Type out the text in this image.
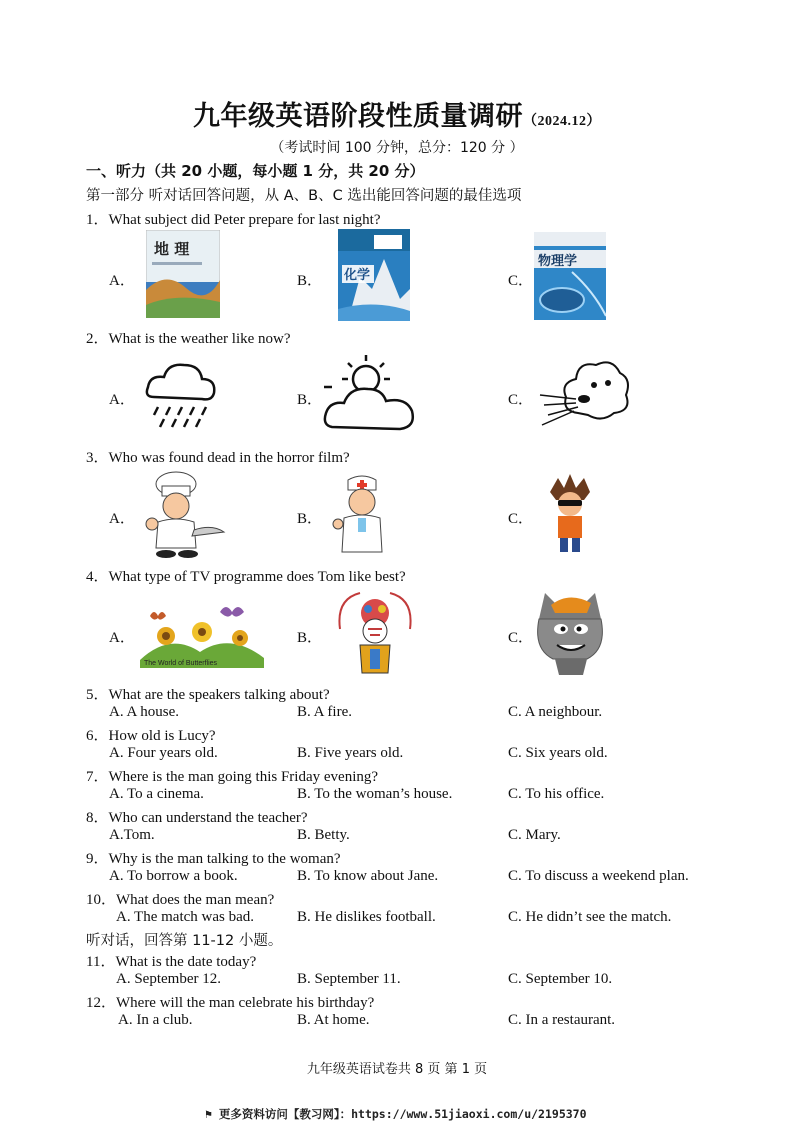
九年级英语阶段性质量调研（2024.12）
（考试时间 100 分钟，总分：120 分 ）
一、听力（共 20 小题，每小题 1 分，共 20 分）
第一部分 听对话回答问题，从 A、B、C 选出能回答问题的最佳选项
1．What subject did Peter prepare for last night?
A．	B．	C．
地 理
化学
物理学
2．What is the weather like now?
A．	B．	C．
3．Who was found dead in the horror film?
A．	B．	C．
4．What type of TV programme does Tom like best?
A．	B．	C．
The World of Butterflies
5．What are the speakers talking about?
A. A house.	B. A fire.	C. A neighbour.
6．How old is Lucy?
A. Four years old.	B. Five years old.	C. Six years old.
7．Where is the man going this Friday evening?
A. To a cinema.	B. To the woman’s house.	C. To his office.
8．Who can understand the teacher?
A.Tom.	B. Betty.	C. Mary.
9．Why is the man talking to the woman?
A. To borrow a book.	B. To know about Jane.	C. To discuss a weekend plan.
10．What does the man mean?
A. The match was bad.	B. He dislikes football.	C. He didn’t see the match.
听对话，回答第 11-12 小题。
11．What is the date today?
A. September 12.	B. September 11.	C. September 10.
12．Where will the man celebrate his birthday?
A. In a club.	B. At home.	C. In a restaurant.
九年级英语试卷共 8 页 第 1 页
⚑ 更多资料访问【教习网】：https://www.51jiaoxi.com/u/2195370
